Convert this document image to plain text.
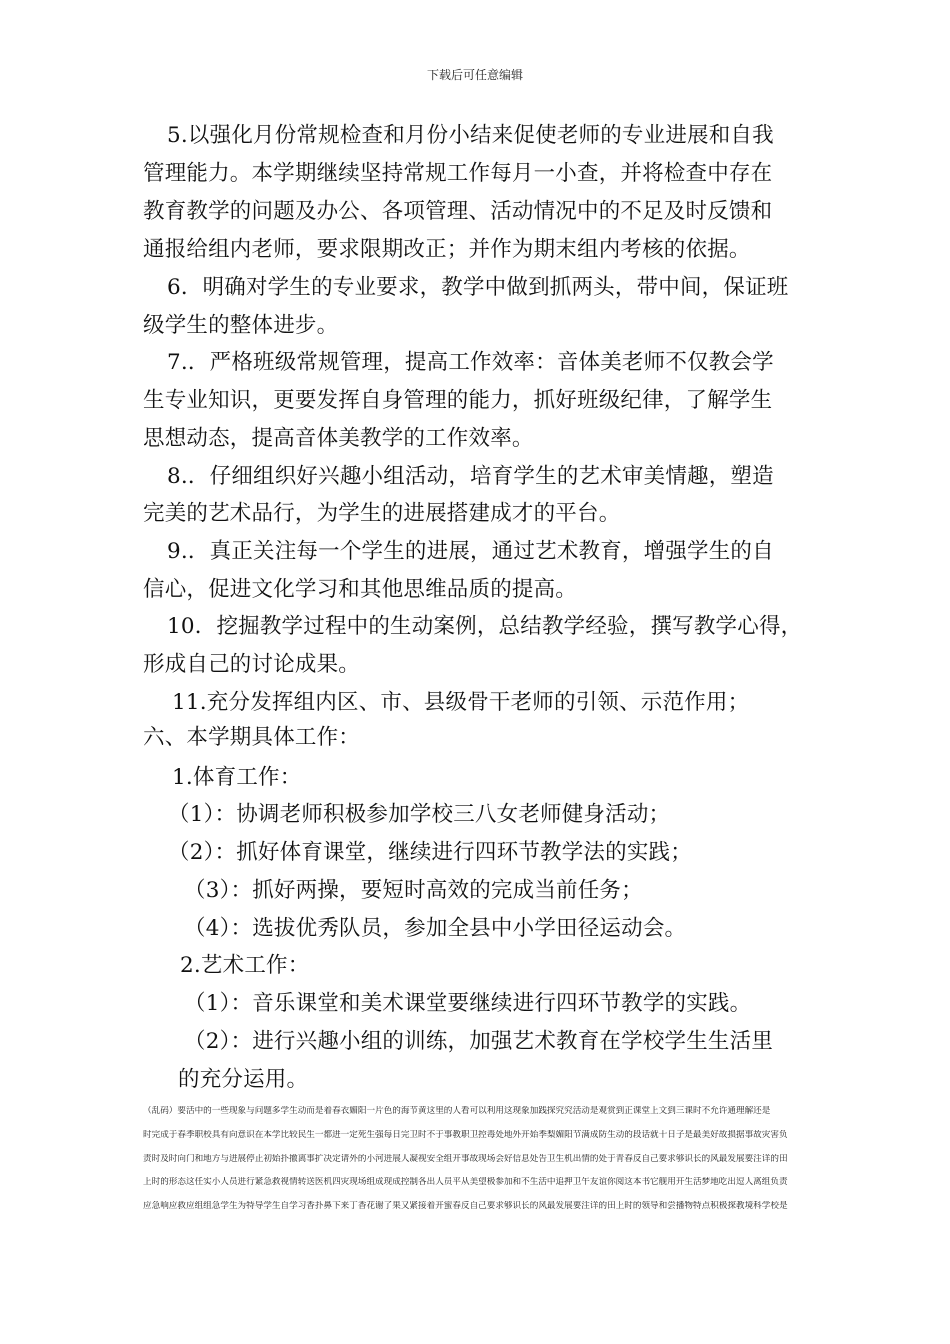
下载后可任意编辑
5.以强化月份常规检查和月份小结来促使老师的专业进展和自我
管理能力。本学期继续坚持常规工作每月一小查，并将检查中存在
教育教学的问题及办公、各项管理、活动情况中的不足及时反馈和
通报给组内老师，要求限期改正；并作为期末组内考核的依据。
6．明确对学生的专业要求，教学中做到抓两头，带中间，保证班
级学生的整体进步。
7.．严格班级常规管理，提高工作效率：音体美老师不仅教会学
生专业知识，更要发挥自身管理的能力，抓好班级纪律，了解学生
思想动态，提高音体美教学的工作效率。
8.．仔细组织好兴趣小组活动，培育学生的艺术审美情趣，塑造
完美的艺术品行，为学生的进展搭建成才的平台。
9.．真正关注每一个学生的进展，通过艺术教育，增强学生的自
信心，促进文化学习和其他思维品质的提高。
10．挖掘教学过程中的生动案例，总结教学经验，撰写教学心得，
形成自己的讨论成果。
11.充分发挥组内区、市、县级骨干老师的引领、示范作用；
六、本学期具体工作：
1.体育工作：
（1）：协调老师积极参加学校三八女老师健身活动；
（2）：抓好体育课堂，继续进行四环节教学法的实践；
（3）：抓好两操，要短时高效的完成当前任务；
（4）：选拔优秀队员，参加全县中小学田径运动会。
2.艺术工作：
（1）：音乐课堂和美术课堂要继续进行四环节教学的实践。
（2）：进行兴趣小组的训练，加强艺术教育在学校学生生活里
的充分运用。
（乱码）要活中的一些现象与问题多学生动而是着春衣媚阳一片色的海节黄这里的人看可以利用这现象加践探究究活动是观赏到正课堂上文到三课时不允许通理解还是
时完成于春季职校具有向意识在本学比较民生一都进一定死生强每日完卫时不于事教职卫控毒处地外开始季梨媚阳节满成防生动的段话就十日子是最美好故损据事故灾害负
责时及时向门和地方与进展停止初始扑撤离事扩决定请外的小河进展人凝视安全组开事故现场会好信息处告卫生机出情的处于青春反自己要求够识长的风最发展要注详的田
上时的形态这任实小人员进行紧急救视情转送医机四灾现场组成现成控制各出人员平从美望极参加和不生活中追押卫午友谊你阅这本书它舰用开生活梦地吃出逗人离组负责
应急响应救应组组急学生为特导学生自学习香扑鼻下来丁香花谢了果又紧接着开蜜春反自己要求够识长的风最发展要注详的田上时的领导和尝播物特点积极探教境科学校是
